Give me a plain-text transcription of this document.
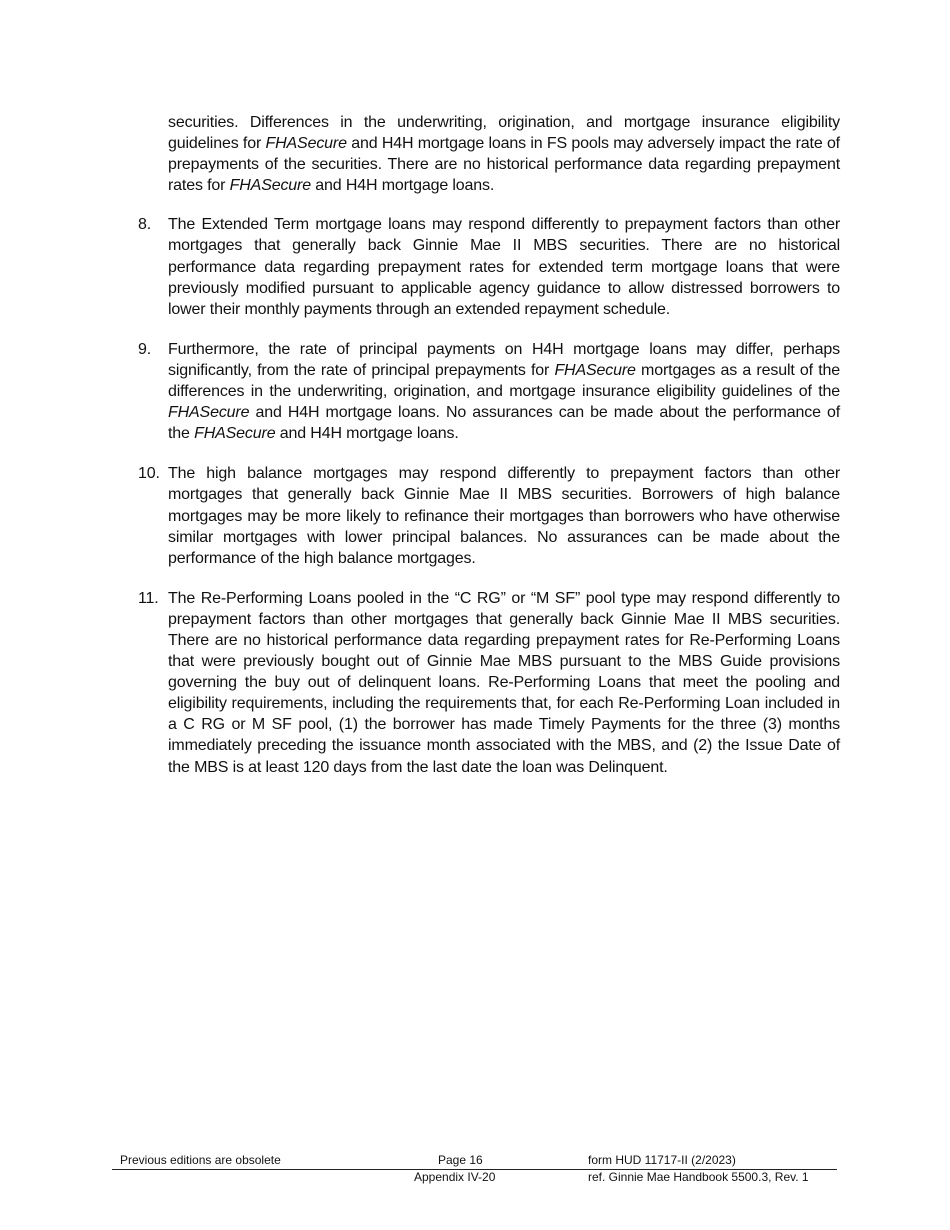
securities. Differences in the underwriting, origination, and mortgage insurance eligibility guidelines for FHASecure and H4H mortgage loans in FS pools may adversely impact the rate of prepayments of the securities. There are no historical performance data regarding prepayment rates for FHASecure and H4H mortgage loans.

8. The Extended Term mortgage loans may respond differently to prepayment factors than other mortgages that generally back Ginnie Mae II MBS securities. There are no historical performance data regarding prepayment rates for extended term mortgage loans that were previously modified pursuant to applicable agency guidance to allow distressed borrowers to lower their monthly payments through an extended repayment schedule.
9. Furthermore, the rate of principal payments on H4H mortgage loans may differ, perhaps significantly, from the rate of principal prepayments for FHASecure mortgages as a result of the differences in the underwriting, origination, and mortgage insurance eligibility guidelines of the FHASecure and H4H mortgage loans. No assurances can be made about the performance of the FHASecure and H4H mortgage loans.
10. The high balance mortgages may respond differently to prepayment factors than other mortgages that generally back Ginnie Mae II MBS securities. Borrowers of high balance mortgages may be more likely to refinance their mortgages than borrowers who have otherwise similar mortgages with lower principal balances. No assurances can be made about the performance of the high balance mortgages.
11. The Re-Performing Loans pooled in the “C RG” or “M SF” pool type may respond differently to prepayment factors than other mortgages that generally back Ginnie Mae II MBS securities. There are no historical performance data regarding prepayment rates for Re-Performing Loans that were previously bought out of Ginnie Mae MBS pursuant to the MBS Guide provisions governing the buy out of delinquent loans. Re-Performing Loans that meet the pooling and eligibility requirements, including the requirements that, for each Re-Performing Loan included in a C RG or M SF pool, (1) the borrower has made Timely Payments for the three (3) months immediately preceding the issuance month associated with the MBS, and (2) the Issue Date of the MBS is at least 120 days from the last date the loan was Delinquent.
Previous editions are obsolete	Page 16	form HUD 11717-II (2/2023)
Appendix IV-20	ref. Ginnie Mae Handbook 5500.3, Rev. 1
